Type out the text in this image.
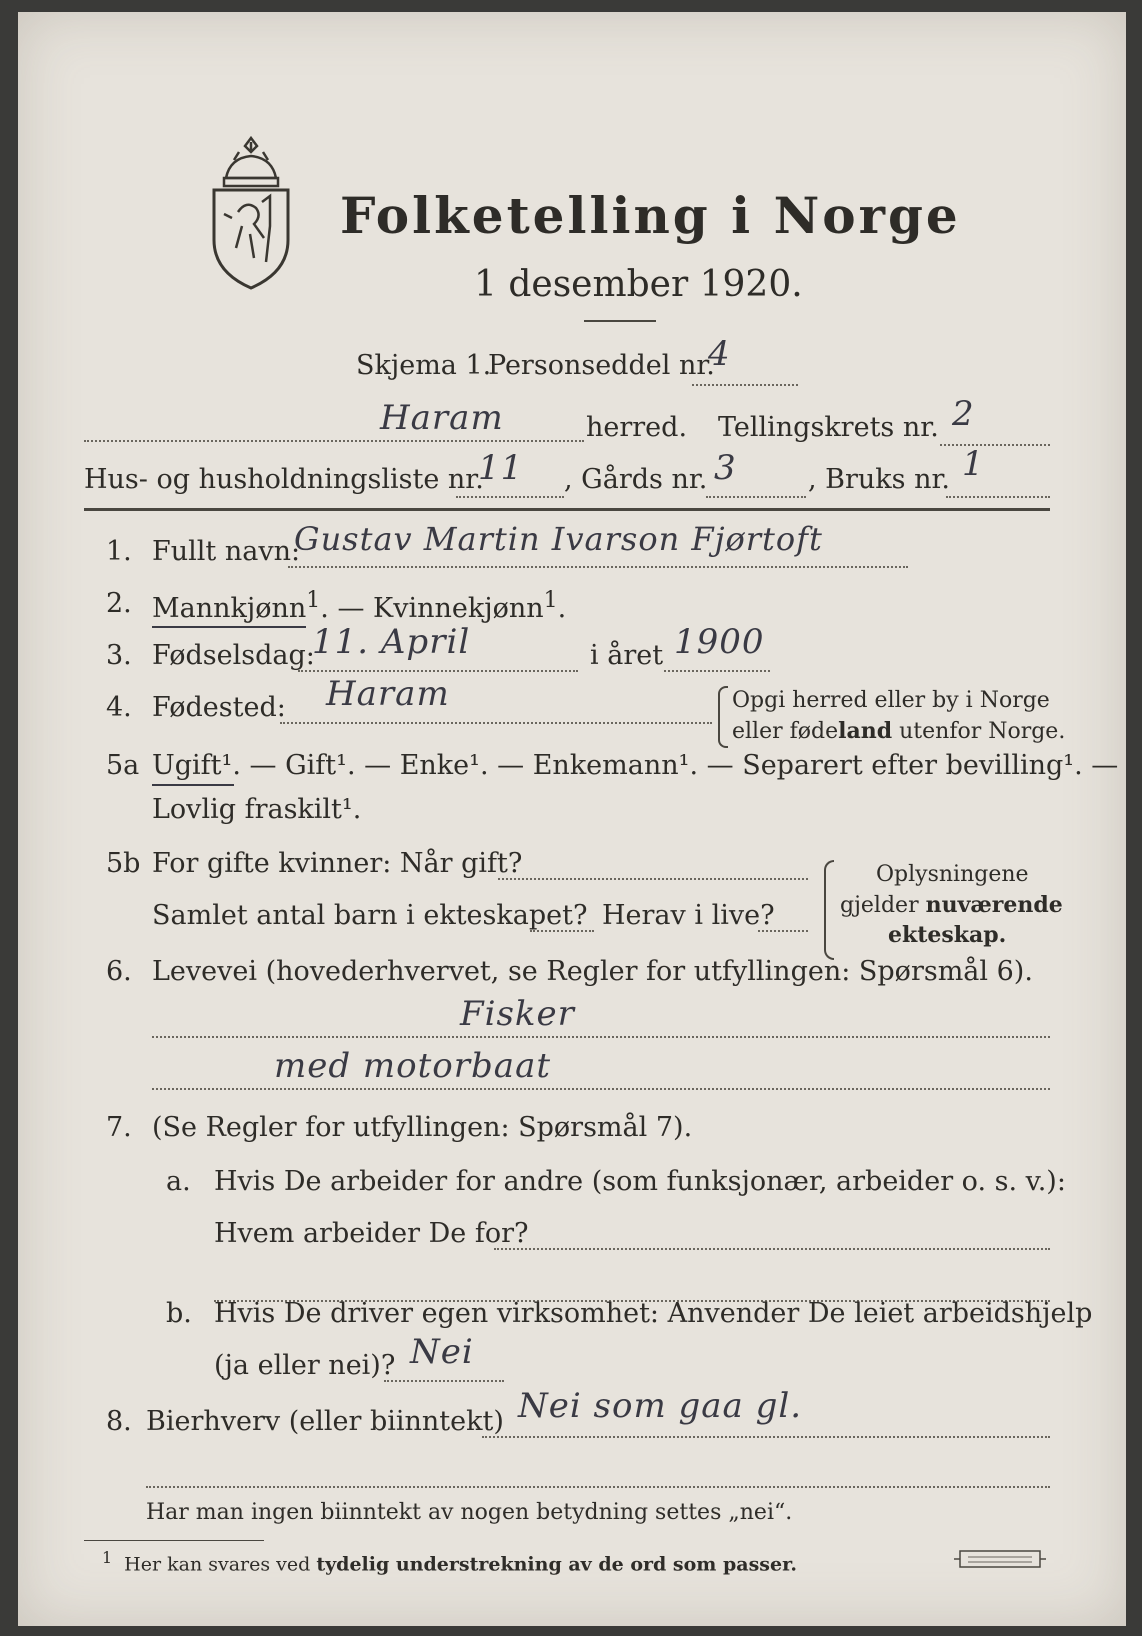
Folketelling i Norge
1 desember 1920.
Skjema 1.
Personseddel nr.
4
Haram	herred. Tellingskrets nr. 2
Hus- og husholdningsliste nr.
11 , Gårds nr. 3	, Bruks nr. 1
1. Fullt navn:
Gustav Martin Ivarson Fjørtoft
2. Mannkjønn$^1$. — Kvinnekjønn$^1$.
3. Fødselsdag:
11. April	i året 1900
4. Fødested: Haram	Opgi herred eller by i Norge
eller fødeland utenfor Norge.
5a Ugift¹. — Gift¹. — Enke¹. — Enkemann¹. — Separert efter bevilling¹. —
Lovlig fraskilt¹.
5b For gifte kvinner: Når gift?
Samlet antal barn i ekteskapet? Herav i live?
Oplysningene
gjelder nuværende
ekteskap.
6. Levevei (hovederhvervet, se Regler for utfyllingen: Spørsmål 6).
Fisker
med motorbaat
7. (Se Regler for utfyllingen: Spørsmål 7).
a. Hvis De arbeider for andre (som funksjonær, arbeider o. s. v.):
Hvem arbeider De for?
b. Hvis De driver egen virksomhet: Anvender De leiet arbeidshjelp
(ja eller nei)? Nei
8. Bierhverv (eller biinntekt) Nei som gaa gl.
Har man ingen biinntekt av nogen betydning settes „nei“.
$^1$ Her kan svares ved tydelig understrekning av de ord som passer.
